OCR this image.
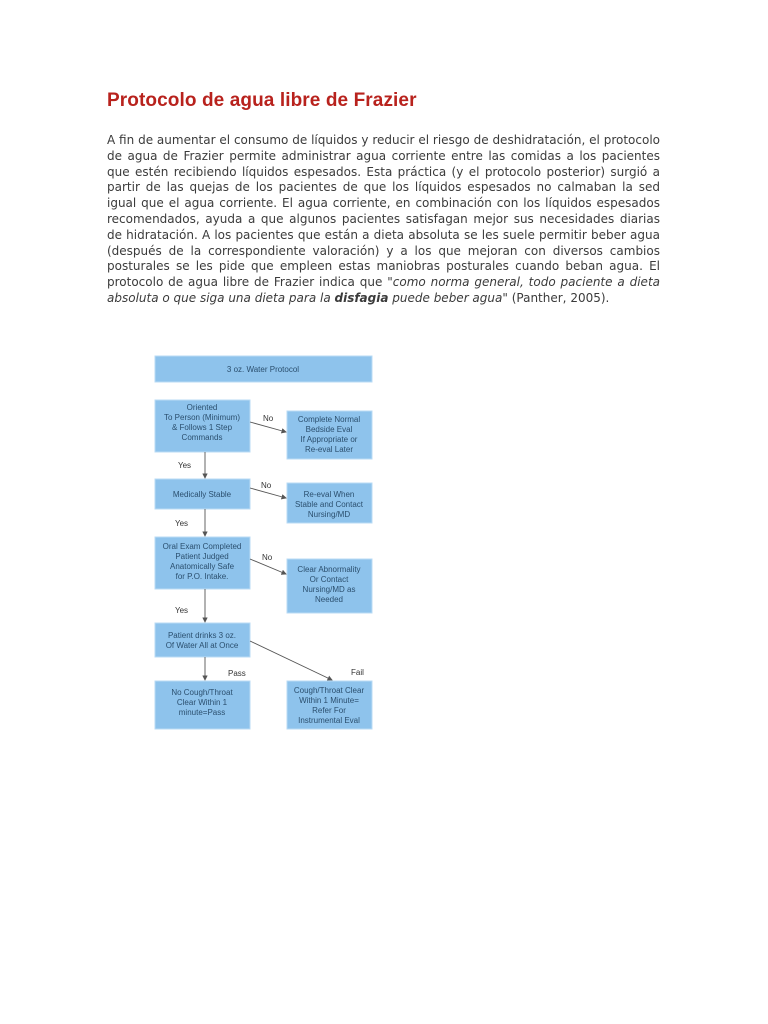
Protocolo de agua libre de Frazier

A fin de aumentar el consumo de líquidos y reducir el riesgo de deshidratación, el protocolo de agua de Frazier permite administrar agua corriente entre las comidas a los pacientes que estén recibiendo líquidos espesados. Esta práctica (y el protocolo posterior) surgió a partir de las quejas de los pacientes de que los líquidos espesados no calmaban la sed igual que el agua corriente. El agua corriente, en combinación con los líquidos espesados recomendados, ayuda a que algunos pacientes satisfagan mejor sus necesidades diarias de hidratación. A los pacientes que están a dieta absoluta se les suele permitir beber agua (después de la correspondiente valoración) y a los que mejoran con diversos cambios posturales se les pide que empleen estas maniobras posturales cuando beban agua. El protocolo de agua libre de Frazier indica que "como norma general, todo paciente a dieta absoluta o que siga una dieta para la disfagia puede beber agua" (Panther, 2005).

3 oz. Water Protocol
Oriented To Person (Minimum) & Follows 1 Step Commands
Medically Stable
Oral Exam Completed Patient Judged Anatomically Safe for P.O. Intake.
Patient drinks 3 oz. Of Water All at Once
No Cough/Throat Clear Within 1 minute=Pass
Complete Normal Bedside Eval If Appropriate or Re-eval Later
Re-eval When Stable and Contact Nursing/MD
Clear Abnormality Or Contact Nursing/MD as Needed
Cough/Throat Clear Within 1 Minute= Refer For Instrumental Eval
No
No
No
Yes
Yes
Yes
Pass	Fail
